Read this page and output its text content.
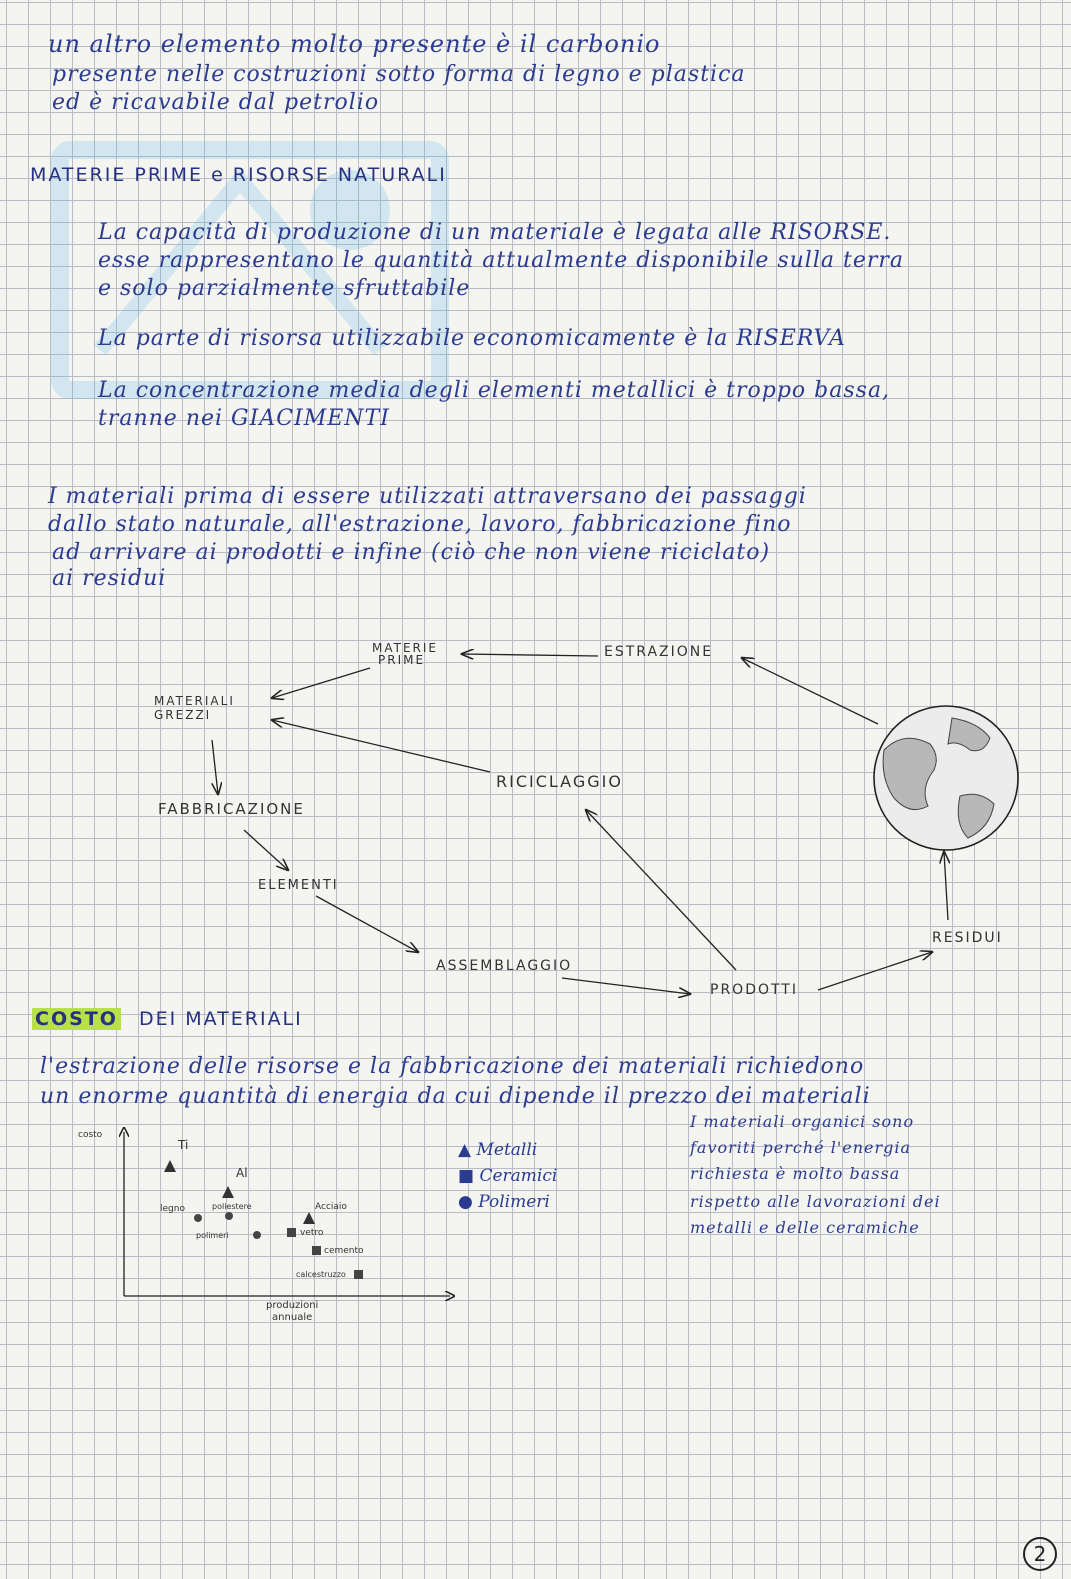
un altro elemento molto presente è il carbonio
presente nelle costruzioni sotto forma di legno e plastica
ed è ricavabile dal petrolio
MATERIE PRIME e RISORSE NATURALI
La capacità di produzione di un materiale è legata alle RISORSE.
esse rappresentano le quantità attualmente disponibile sulla terra
e solo parzialmente sfruttabile
La parte di risorsa utilizzabile economicamente è la RISERVA
La concentrazione media degli elementi metallici è troppo bassa,
tranne nei GIACIMENTI
I materiali prima di essere utilizzati attraversano dei passaggi
dallo stato naturale, all'estrazione, lavoro, fabbricazione fino
ad arrivare ai prodotti e infine (ciò che non viene riciclato)
ai residui
MATERIE
PRIME	ESTRAZIONE
MATERIALI
GREZZI
RICICLAGGIO
FABBRICAZIONE
ELEMENTI
RESIDUI
ASSEMBLAGGIO
PRODOTTI
COSTO DEI MATERIALI
l'estrazione delle risorse e la fabbricazione dei materiali richiedono
un enorme quantità di energia da cui dipende il prezzo dei materiali
I materiali organici sono
favoriti perché l'energia
richiesta è molto bassa
rispetto alle lavorazioni dei
metalli e delle ceramiche
costo
Ti
Al
Acciaio
legno	poliestere
polimeri	vetro
cemento
calcestruzzo
produzioni
annuale
▲ Metalli
■ Ceramici
● Polimeri
2
